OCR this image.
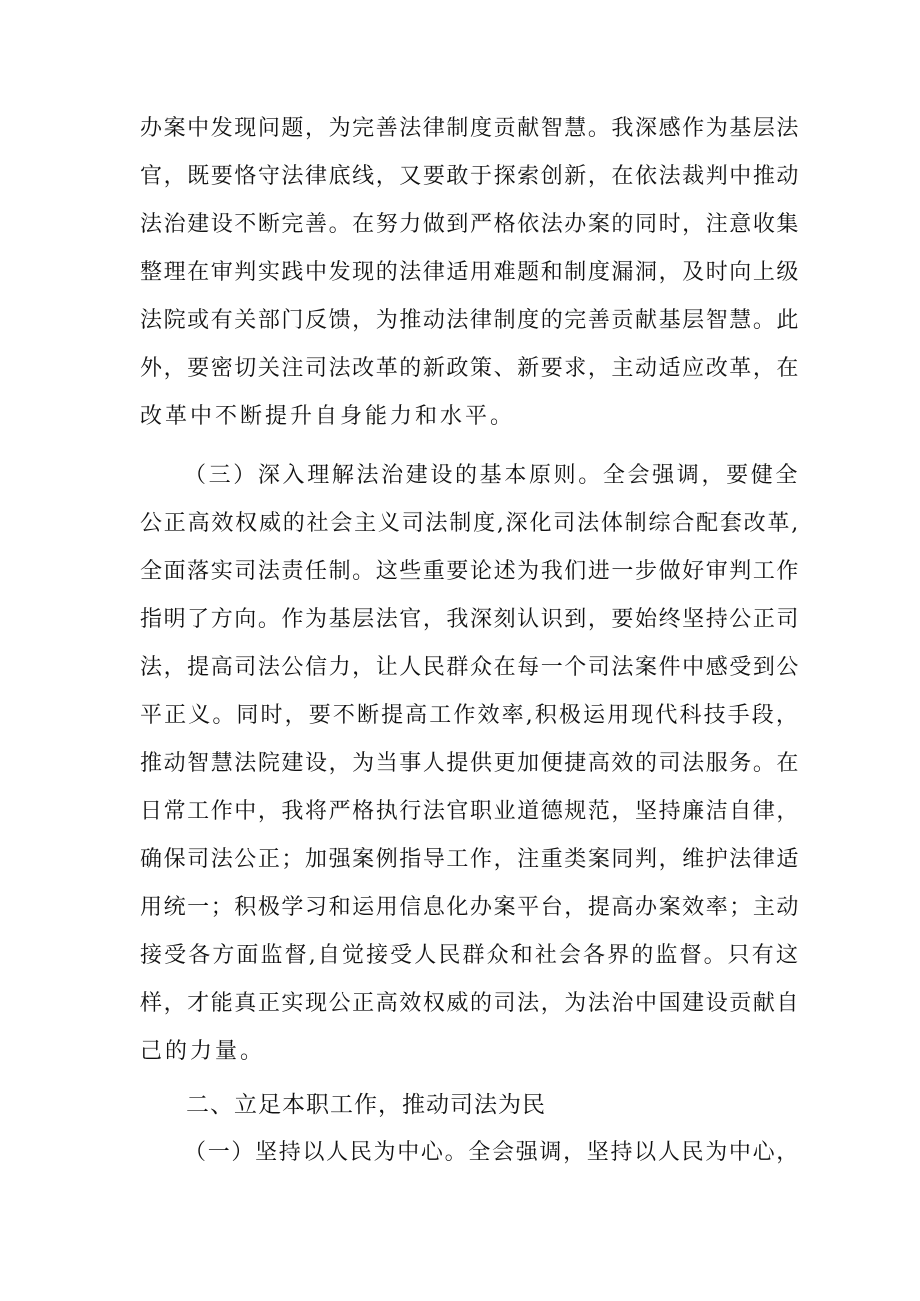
办案中发现问题，为完善法律制度贡献智慧。我深感作为基层法
官，既要恪守法律底线，又要敢于探索创新，在依法裁判中推动
法治建设不断完善。在努力做到严格依法办案的同时，注意收集
整理在审判实践中发现的法律适用难题和制度漏洞，及时向上级
法院或有关部门反馈，为推动法律制度的完善贡献基层智慧。此
外，要密切关注司法改革的新政策、新要求，主动适应改革，在
改革中不断提升自身能力和水平。
（三）深入理解法治建设的基本原则。全会强调，要健全
公正高效权威的社会主义司法制度,深化司法体制综合配套改革,
全面落实司法责任制。这些重要论述为我们进一步做好审判工作
指明了方向。作为基层法官，我深刻认识到，要始终坚持公正司
法，提高司法公信力，让人民群众在每一个司法案件中感受到公
平正义。同时，要不断提高工作效率,积极运用现代科技手段，
推动智慧法院建设，为当事人提供更加便捷高效的司法服务。在
日常工作中，我将严格执行法官职业道德规范，坚持廉洁自律，
确保司法公正；加强案例指导工作，注重类案同判，维护法律适
用统一；积极学习和运用信息化办案平台，提高办案效率；主动
接受各方面监督,自觉接受人民群众和社会各界的监督。只有这
样，才能真正实现公正高效权威的司法，为法治中国建设贡献自
己的力量。
二、立足本职工作，推动司法为民
（一）坚持以人民为中心。全会强调，坚持以人民为中心，
